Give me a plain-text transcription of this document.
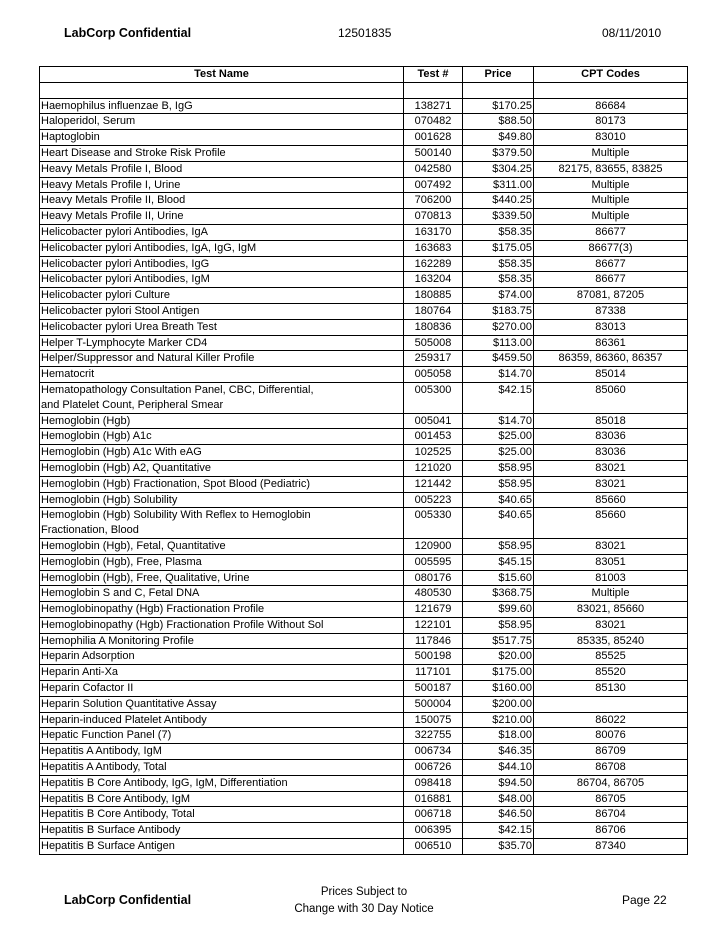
LabCorp Confidential	12501835	08/11/2010
Test Name	Test #	Price	CPT Codes

Haemophilus influenzae B, IgG	138271	$170.25	86684
Haloperidol, Serum	070482	$88.50	80173
Haptoglobin	001628	$49.80	83010
Heart Disease and Stroke Risk Profile	500140	$379.50	Multiple
Heavy Metals Profile I, Blood	042580	$304.25	82175, 83655, 83825
Heavy Metals Profile I, Urine	007492	$311.00	Multiple
Heavy Metals Profile II, Blood	706200	$440.25	Multiple
Heavy Metals Profile II, Urine	070813	$339.50	Multiple
Helicobacter pylori Antibodies, IgA	163170	$58.35	86677
Helicobacter pylori Antibodies, IgA, IgG, IgM	163683	$175.05	86677(3)
Helicobacter pylori Antibodies, IgG	162289	$58.35	86677
Helicobacter pylori Antibodies, IgM	163204	$58.35	86677
Helicobacter pylori Culture	180885	$74.00	87081, 87205
Helicobacter pylori Stool Antigen	180764	$183.75	87338
Helicobacter pylori Urea Breath Test	180836	$270.00	83013
Helper T-Lymphocyte Marker CD4	505008	$113.00	86361
Helper/Suppressor and Natural Killer Profile	259317	$459.50	86359, 86360, 86357
Hematocrit	005058	$14.70	85014
Hematopathology Consultation Panel, CBC, Differential,	005300	$42.15	85060
and Platelet Count, Peripheral Smear			
Hemoglobin (Hgb)	005041	$14.70	85018
Hemoglobin (Hgb) A1c	001453	$25.00	83036
Hemoglobin (Hgb) A1c With eAG	102525	$25.00	83036
Hemoglobin (Hgb) A2, Quantitative	121020	$58.95	83021
Hemoglobin (Hgb) Fractionation, Spot Blood (Pediatric)	121442	$58.95	83021
Hemoglobin (Hgb) Solubility	005223	$40.65	85660
Hemoglobin (Hgb) Solubility With Reflex to Hemoglobin	005330	$40.65	85660
Fractionation, Blood			
Hemoglobin (Hgb), Fetal, Quantitative	120900	$58.95	83021
Hemoglobin (Hgb), Free, Plasma	005595	$45.15	83051
Hemoglobin (Hgb), Free, Qualitative, Urine	080176	$15.60	81003
Hemoglobin S and C, Fetal DNA	480530	$368.75	Multiple
Hemoglobinopathy (Hgb) Fractionation Profile	121679	$99.60	83021, 85660
Hemoglobinopathy (Hgb) Fractionation Profile Without Sol	122101	$58.95	83021
Hemophilia A Monitoring Profile	117846	$517.75	85335, 85240
Heparin Adsorption	500198	$20.00	85525
Heparin Anti-Xa	117101	$175.00	85520
Heparin Cofactor II	500187	$160.00	85130
Heparin Solution Quantitative Assay	500004	$200.00	
Heparin-induced Platelet Antibody	150075	$210.00	86022
Hepatic Function Panel (7)	322755	$18.00	80076
Hepatitis A Antibody, IgM	006734	$46.35	86709
Hepatitis A Antibody, Total	006726	$44.10	86708
Hepatitis B Core Antibody, IgG, IgM, Differentiation	098418	$94.50	86704, 86705
Hepatitis B Core Antibody, IgM	016881	$48.00	86705
Hepatitis B Core Antibody, Total	006718	$46.50	86704
Hepatitis B Surface Antibody	006395	$42.15	86706
Hepatitis B Surface Antigen	006510	$35.70	87340
LabCorp Confidential
Prices Subject to
Change with 30 Day Notice
Page 22
